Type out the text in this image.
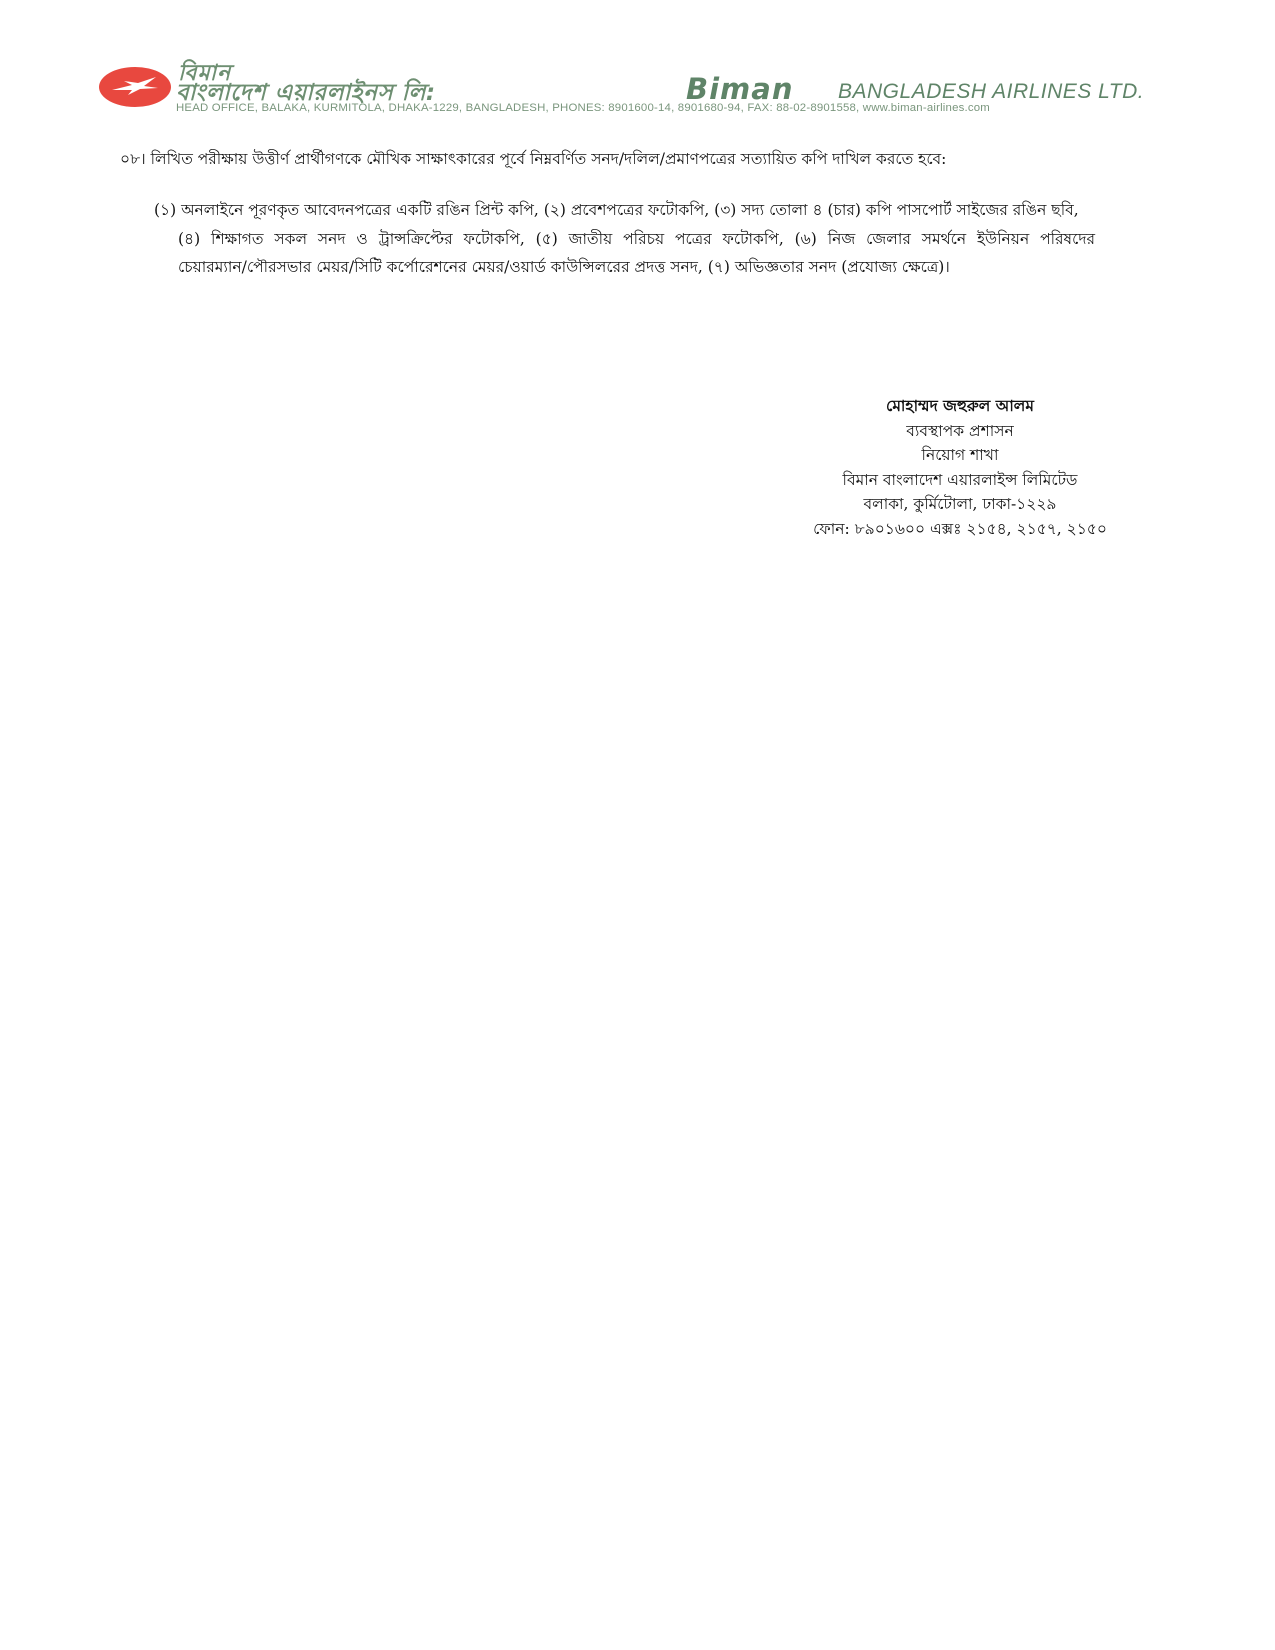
বিমান
বাংলাদেশ এয়ারলাইনস লি:	Biman BANGLADESH AIRLINES LTD.
HEAD OFFICE, BALAKA, KURMITOLA, DHAKA-1229, BANGLADESH, PHONES: 8901600-14, 8901680-94, FAX: 88-02-8901558, www.biman-airlines.com
০৮। লিখিত পরীক্ষায় উত্তীর্ণ প্রার্থীগণকে মৌখিক সাক্ষাৎকারের পূর্বে নিম্নবর্ণিত সনদ/দলিল/প্রমাণপত্রের সত্যায়িত কপি দাখিল করতে হবে:
(১) অনলাইনে পূরণকৃত আবেদনপত্রের একটি রঙিন প্রিন্ট কপি, (২) প্রবেশপত্রের ফটোকপি, (৩) সদ্য তোলা ৪ (চার) কপি পাসপোর্ট সাইজের রঙিন ছবি,
(৪) শিক্ষাগত সকল সনদ ও ট্রান্সক্রিপ্টের ফটোকপি, (৫) জাতীয় পরিচয় পত্রের ফটোকপি, (৬) নিজ জেলার সমর্থনে ইউনিয়ন পরিষদের
চেয়ারম্যান/পৌরসভার মেয়র/সিটি কর্পোরেশনের মেয়র/ওয়ার্ড কাউন্সিলরের প্রদত্ত সনদ, (৭) অভিজ্ঞতার সনদ (প্রযোজ্য ক্ষেত্রে)।
মোহাম্মদ জহুরুল আলম
ব্যবস্থাপক প্রশাসন
নিয়োগ শাখা
বিমান বাংলাদেশ এয়ারলাইন্স লিমিটেড
বলাকা, কুর্মিটোলা, ঢাকা-১২২৯
ফোন: ৮৯০১৬০০ এক্সঃ ২১৫৪, ২১৫৭, ২১৫০
